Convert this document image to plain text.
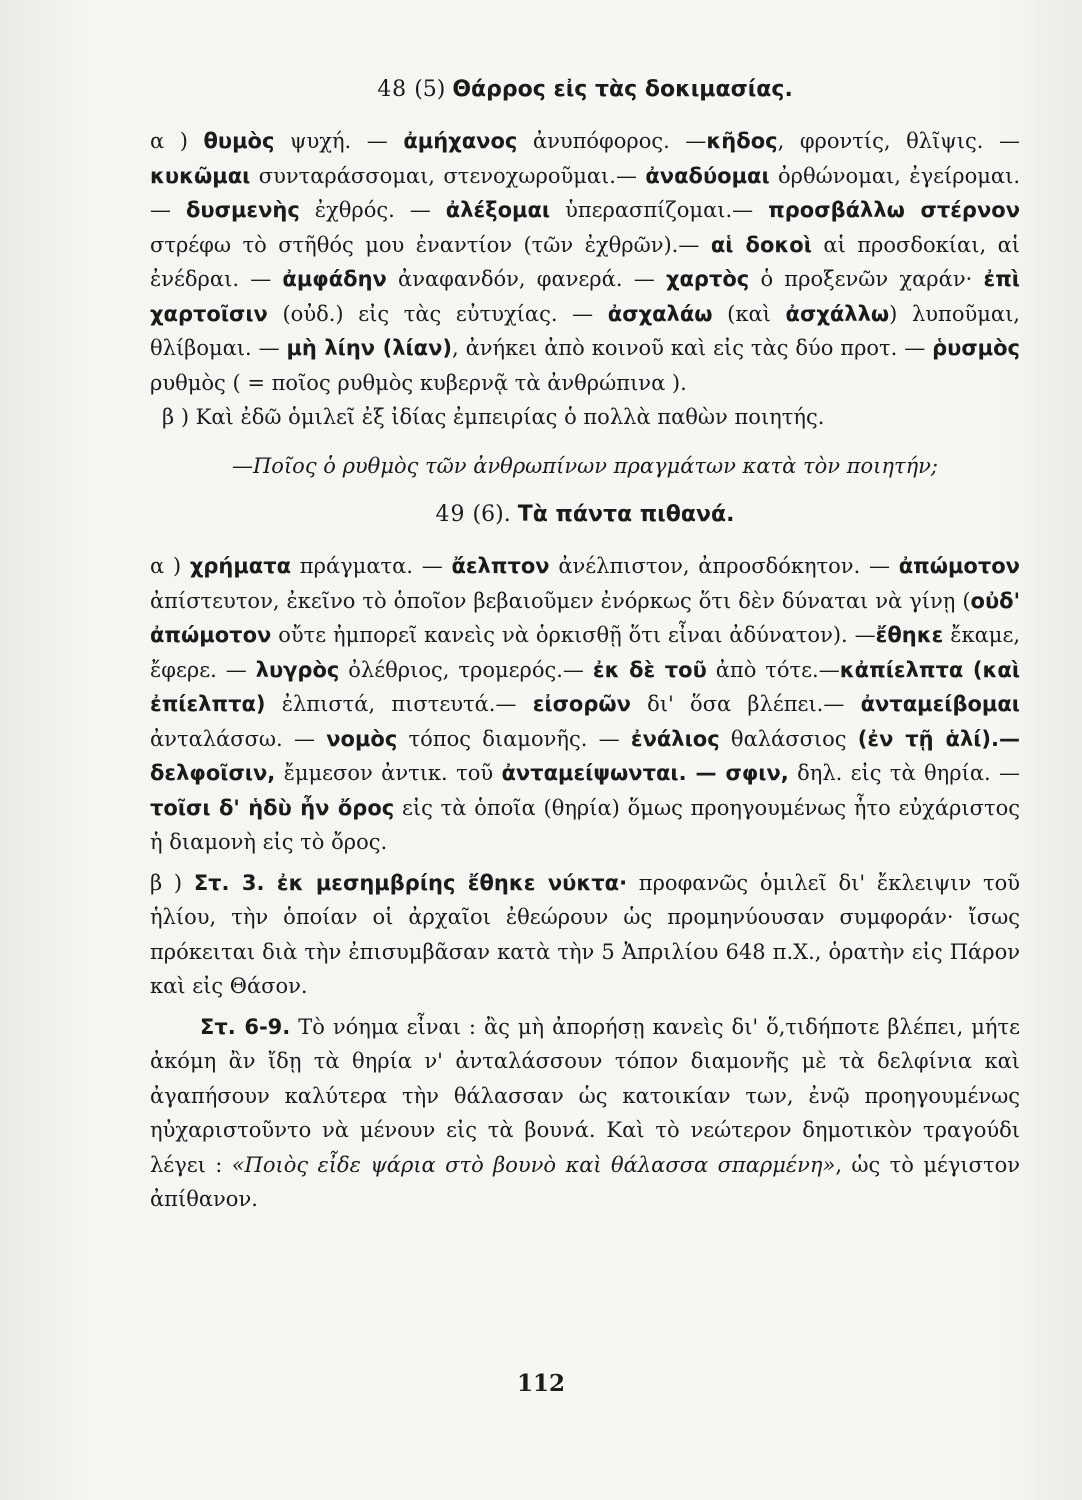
48 (5) Θάρρος εἰς τὰς δοκιμασίας.

α ) θυμὸς ψυχή. — ἀμήχανος ἀνυπόφορος. —κῆδος, φροντίς, θλῖψις. — κυκῶμαι συνταράσσομαι, στενοχωροῦμαι.— ἀναδύομαι ὀρθώνομαι, ἐγείρομαι. — δυσμενὴς ἐχθρός. — ἀλέξομαι ὑπερασπίζομαι.— προσβάλλω στέρνον στρέφω τὸ στῆθός μου ἐναντίον (τῶν ἐχθρῶν).— αἱ δοκοὶ αἱ προσδοκίαι, αἱ ἐνέδραι. — ἀμφάδην ἀναφανδόν, φανερά. — χαρτὸς ὁ προξενῶν χαράν· ἐπὶ χαρτοῖσιν (οὐδ.) εἰς τὰς εὐτυχίας. — ἀσχαλάω (καὶ ἀσχάλλω) λυποῦμαι, θλίβομαι. — μὴ λίην (λίαν), ἀνήκει ἀπὸ κοινοῦ καὶ εἰς τὰς δύο προτ. — ῥυσμὸς ρυθμὸς ( = ποῖος ρυθμὸς κυβερνᾷ τὰ ἀνθρώπινα ).

β ) Καὶ ἐδῶ ὁμιλεῖ ἐξ ἰδίας ἐμπειρίας ὁ πολλὰ παθὼν ποιητής.

—Ποῖος ὁ ρυθμὸς τῶν ἀνθρωπίνων πραγμάτων κατὰ τὸν ποιητήν;

49 (6). Τὰ πάντα πιθανά.

α ) χρήματα πράγματα. — ἄελπτον ἀνέλπιστον, ἀπροσδόκητον. — ἀπώμοτον ἀπίστευτον, ἐκεῖνο τὸ ὁποῖον βεβαιοῦμεν ἐνόρκως ὅτι δὲν δύναται νὰ γίνῃ (οὐδ' ἀπώμοτον οὔτε ἠμπορεῖ κανεὶς νὰ ὁρκισθῇ ὅτι εἶναι ἀδύνατον). —ἔθηκε ἔκαμε, ἔφερε. — λυγρὸς ὀλέθριος, τρομερός.— ἐκ δὲ τοῦ ἀπὸ τότε.—κἀπίελπτα (καὶ ἐπίελπτα) ἐλπιστά, πιστευτά.— εἰσορῶν δι' ὅσα βλέπει.— ἀνταμείβομαι ἀνταλάσσω. — νομὸς τόπος διαμονῆς. — ἐνάλιος θαλάσσιος (ἐν τῇ ἁλί).— δελφοῖσιν, ἔμμεσον ἀντικ. τοῦ ἀνταμείψωνται. — σφιν, δηλ. εἰς τὰ θηρία. — τοῖσι δ' ἡδὺ ἦν ὄρος εἰς τὰ ὁποῖα (θηρία) ὅμως προηγουμένως ἦτο εὐχάριστος ἡ διαμονὴ εἰς τὸ ὄρος.

β ) Στ. 3. ἐκ μεσημβρίης ἔθηκε νύκτα· προφανῶς ὁμιλεῖ δι' ἔκλειψιν τοῦ ἡλίου, τὴν ὁποίαν οἱ ἀρχαῖοι ἐθεώρουν ὡς προμηνύουσαν συμφοράν· ἴσως πρόκειται διὰ τὴν ἐπισυμβᾶσαν κατὰ τὴν 5 Ἀπριλίου 648 π.Χ., ὁρατὴν εἰς Πάρον καὶ εἰς Θάσον.

Στ. 6-9. Τὸ νόημα εἶναι : ἂς μὴ ἀπορήσῃ κανεὶς δι' ὅ,τιδήποτε βλέπει, μήτε ἀκόμη ἂν ἴδῃ τὰ θηρία ν' ἀνταλάσσουν τόπον διαμονῆς μὲ τὰ δελφίνια καὶ ἀγαπήσουν καλύτερα τὴν θάλασσαν ὡς κατοικίαν των, ἐνῷ προηγουμένως ηὐχαριστοῦντο νὰ μένουν εἰς τὰ βουνά. Καὶ τὸ νεώτερον δημοτικὸν τραγούδι λέγει : «Ποιὸς εἶδε ψάρια στὸ βουνὸ καὶ θάλασσα σπαρμένη», ὡς τὸ μέγιστον ἀπίθανον.

112
